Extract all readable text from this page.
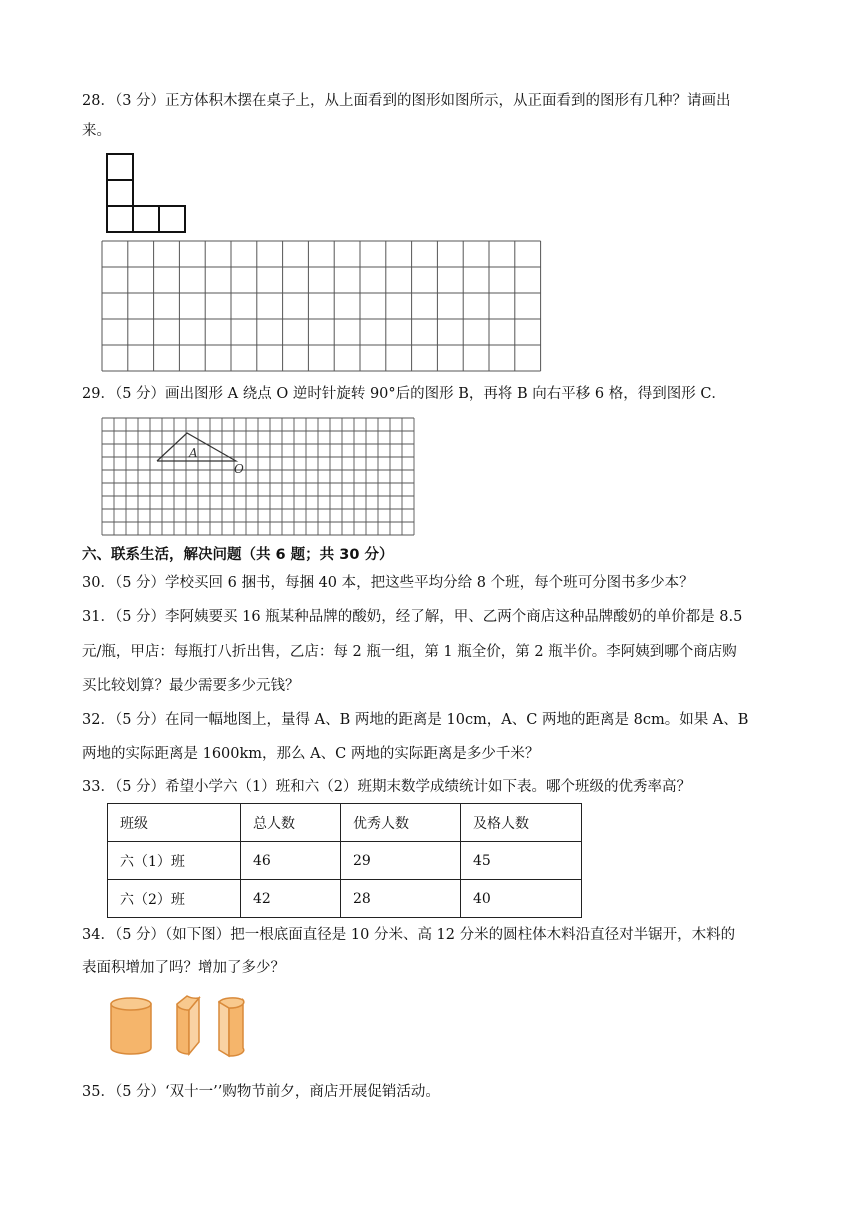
28．（3 分）正方体积木摆在桌子上，从上面看到的图形如图所示，从正面看到的图形有几种？请画出
来。
29．（5 分）画出图形 A 绕点 O 逆时针旋转 90°后的图形 B，再将 B 向右平移 6 格，得到图形 C．
A
O
六、联系生活，解决问题（共 6 题；共 30 分）
30．（5 分）学校买回 6 捆书，每捆 40 本，把这些平均分给 8 个班，每个班可分图书多少本？
31．（5 分）李阿姨要买 16 瓶某种品牌的酸奶，经了解，甲、乙两个商店这种品牌酸奶的单价都是 8.5
元/瓶，甲店：每瓶打八折出售，乙店：每 2 瓶一组，第 1 瓶全价，第 2 瓶半价。李阿姨到哪个商店购
买比较划算？最少需要多少元钱？
32．（5 分）在同一幅地图上，量得 A、B 两地的距离是 10cm，A、C 两地的距离是 8cm。如果 A、B
两地的实际距离是 1600km，那么 A、C 两地的实际距离是多少千米？
33．（5 分）希望小学六（1）班和六（2）班期末数学成绩统计如下表。哪个班级的优秀率高？
班级	总人数	优秀人数	及格人数
六（1）班	46	29	45
六（2）班	42	28	40
34．（5 分）（如下图）把一根底面直径是 10 分米、高 12 分米的圆柱体木料沿直径对半锯开，木料的
表面积增加了吗？增加了多少？
35．（5 分）‘双十一’’购物节前夕，商店开展促销活动。
